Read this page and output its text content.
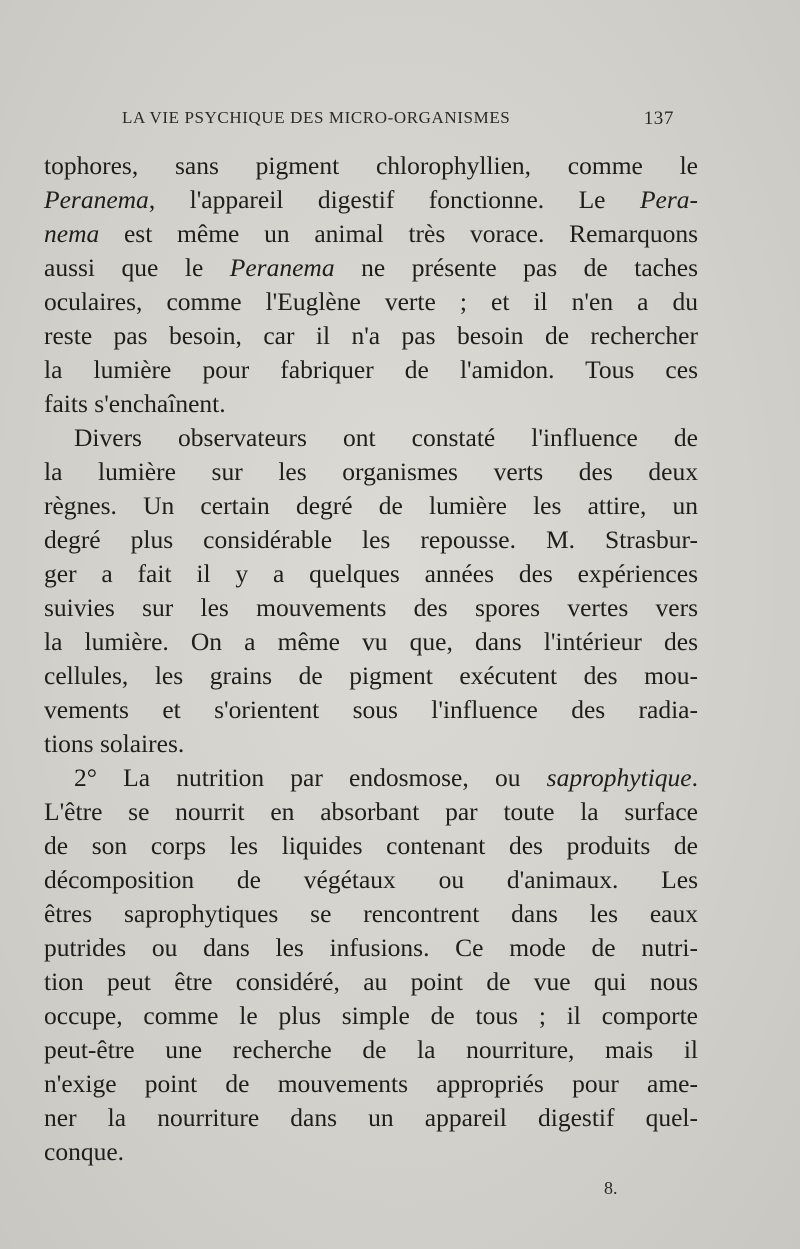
LA VIE PSYCHIQUE DES MICRO-ORGANISMES	137
tophores, sans pigment chlorophyllien, comme le
Peranema, l'appareil digestif fonctionne. Le Pera-
nema est même un animal très vorace. Remarquons
aussi que le Peranema ne présente pas de taches
oculaires, comme l'Euglène verte ; et il n'en a du
reste pas besoin, car il n'a pas besoin de rechercher
la lumière pour fabriquer de l'amidon. Tous ces
faits s'enchaînent.
Divers observateurs ont constaté l'influence de
la lumière sur les organismes verts des deux
règnes. Un certain degré de lumière les attire, un
degré plus considérable les repousse. M. Strasbur-
ger a fait il y a quelques années des expériences
suivies sur les mouvements des spores vertes vers
la lumière. On a même vu que, dans l'intérieur des
cellules, les grains de pigment exécutent des mou-
vements et s'orientent sous l'influence des radia-
tions solaires.
2° La nutrition par endosmose, ou saprophytique.
L'être se nourrit en absorbant par toute la surface
de son corps les liquides contenant des produits de
décomposition de végétaux ou d'animaux. Les
êtres saprophytiques se rencontrent dans les eaux
putrides ou dans les infusions. Ce mode de nutri-
tion peut être considéré, au point de vue qui nous
occupe, comme le plus simple de tous ; il comporte
peut-être une recherche de la nourriture, mais il
n'exige point de mouvements appropriés pour ame-
ner la nourriture dans un appareil digestif quel-
conque.
8.
